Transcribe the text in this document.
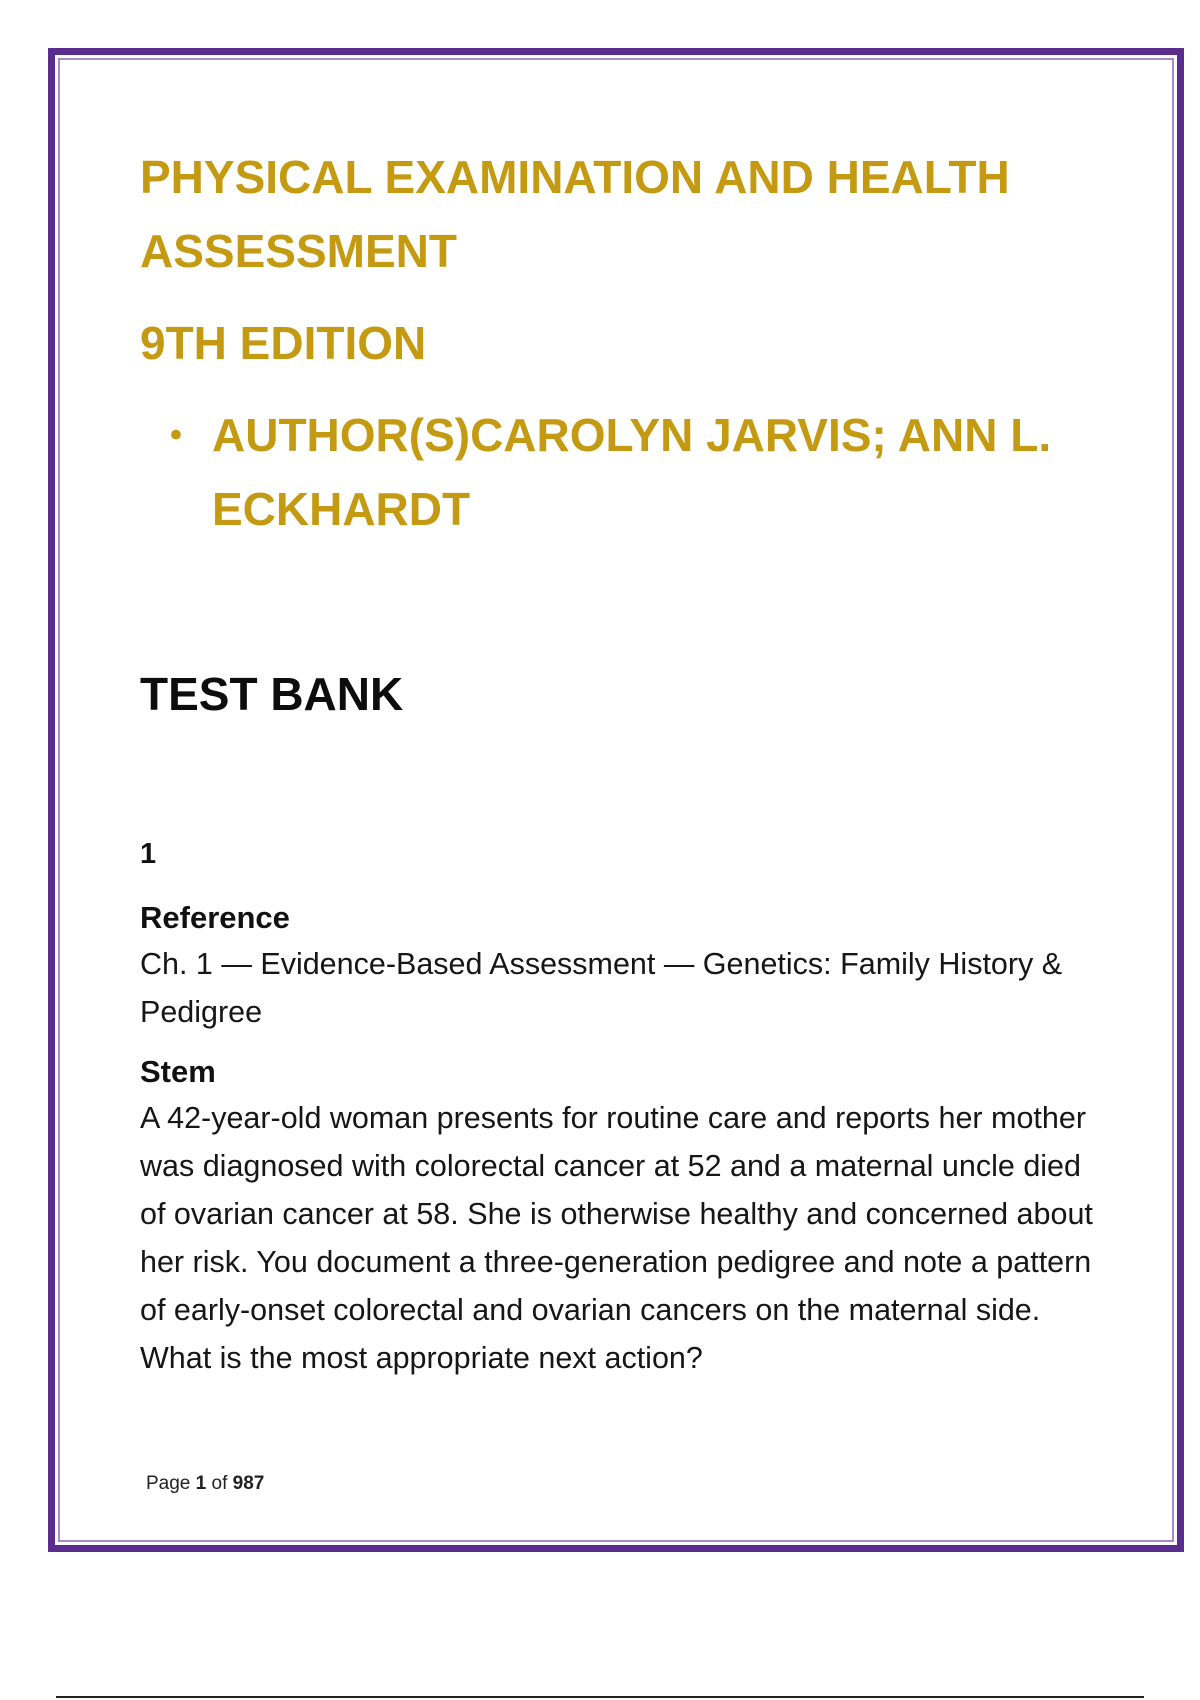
PHYSICAL EXAMINATION AND HEALTH ASSESSMENT
9TH EDITION
• AUTHOR(S)CAROLYN JARVIS; ANN L. ECKHARDT
TEST BANK
1
Reference
Ch. 1 — Evidence-Based Assessment — Genetics: Family History & Pedigree
Stem
A 42-year-old woman presents for routine care and reports her mother was diagnosed with colorectal cancer at 52 and a maternal uncle died of ovarian cancer at 58. She is otherwise healthy and concerned about her risk. You document a three-generation pedigree and note a pattern of early-onset colorectal and ovarian cancers on the maternal side. What is the most appropriate next action?
Page 1 of 987
